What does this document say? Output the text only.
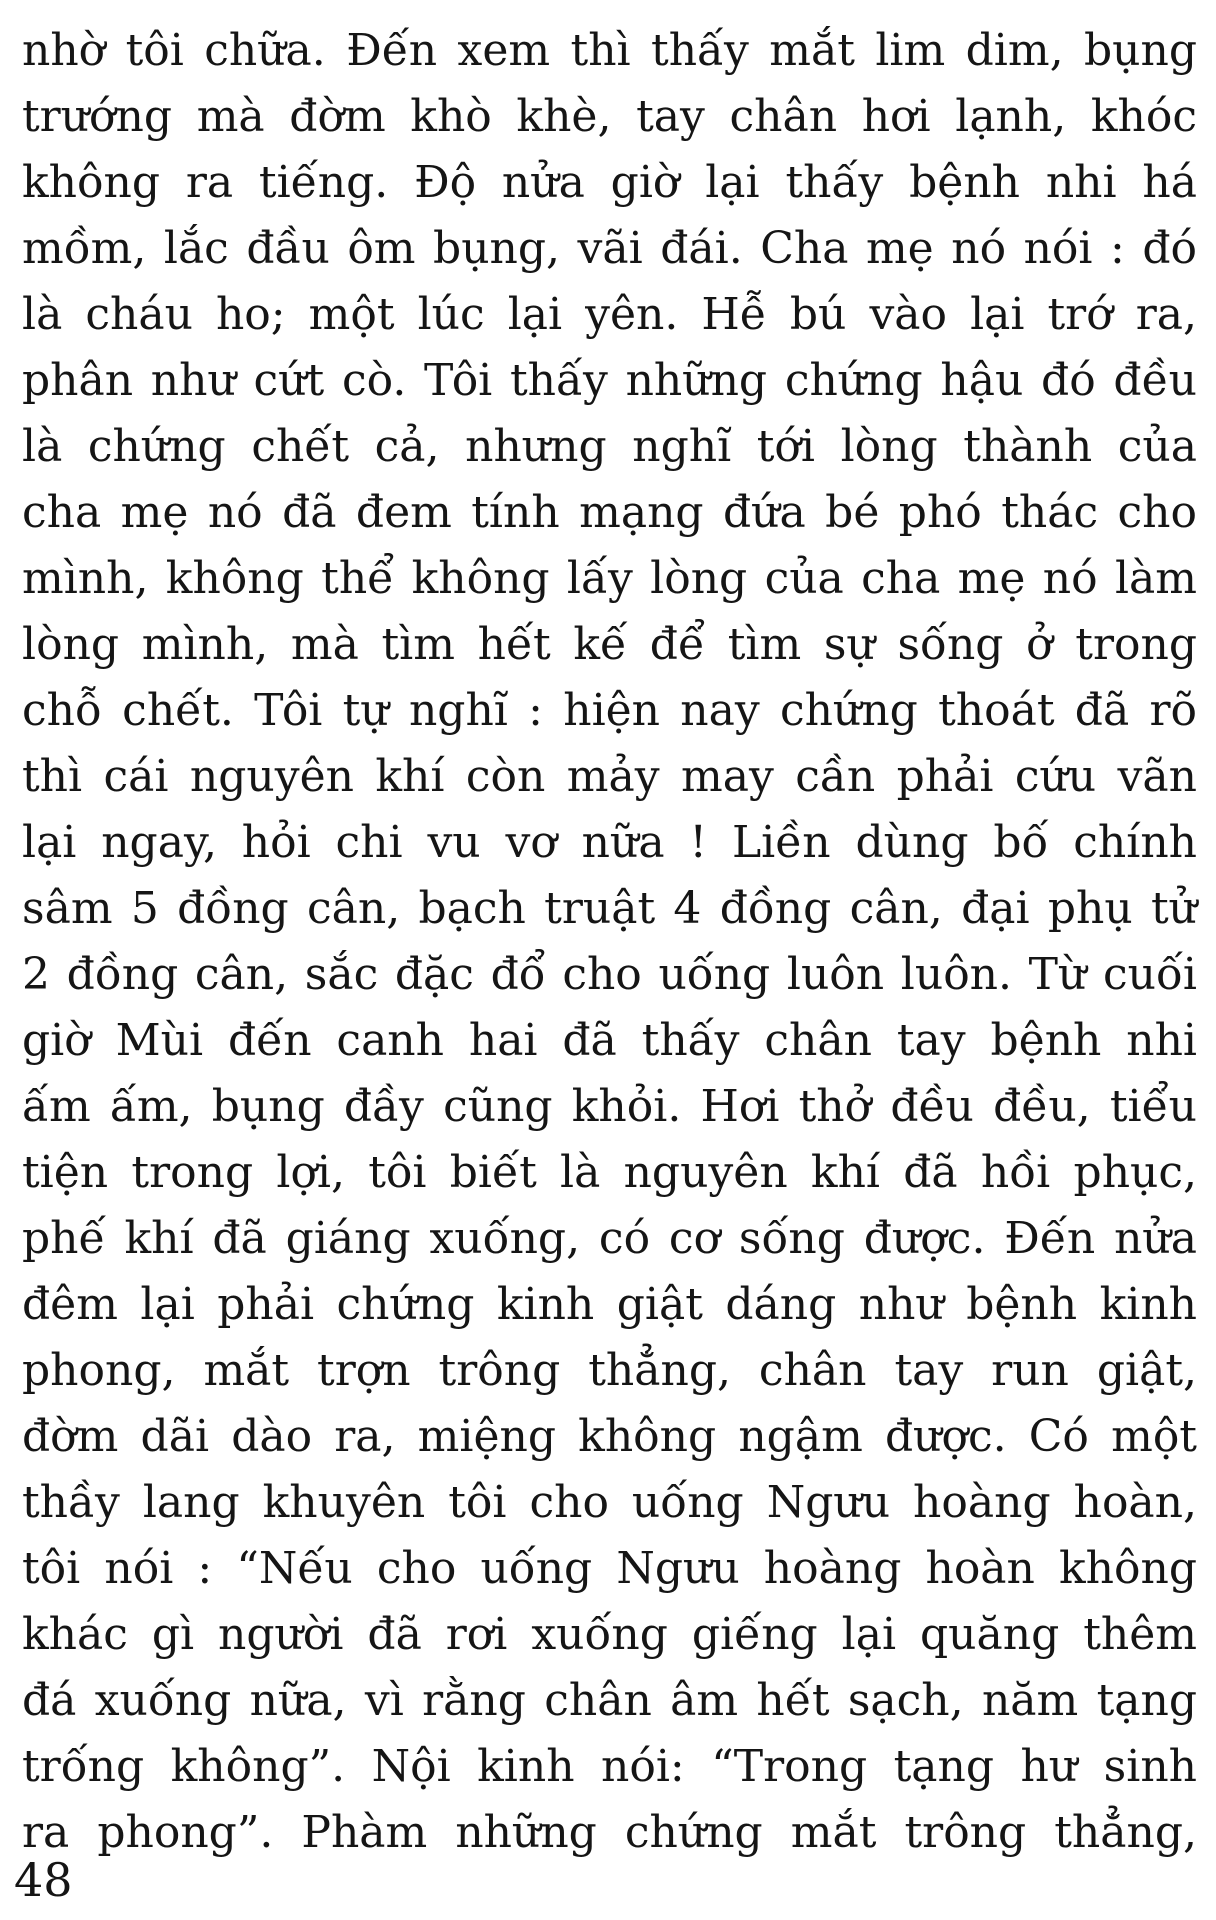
nhờ tôi chữa. Đến xem thì thấy mắt lim dim, bụng
trướng mà đờm khò khè, tay chân hơi lạnh, khóc
không ra tiếng. Độ nửa giờ lại thấy bệnh nhi há
mồm, lắc đầu ôm bụng, vãi đái. Cha mẹ nó nói : đó
là cháu ho; một lúc lại yên. Hễ bú vào lại trớ ra,
phân như cứt cò. Tôi thấy những chứng hậu đó đều
là chứng chết cả, nhưng nghĩ tới lòng thành của
cha mẹ nó đã đem tính mạng đứa bé phó thác cho
mình, không thể không lấy lòng của cha mẹ nó làm
lòng mình, mà tìm hết kế để tìm sự sống ở trong
chỗ chết. Tôi tự nghĩ : hiện nay chứng thoát đã rõ
thì cái nguyên khí còn mảy may cần phải cứu vãn
lại ngay, hỏi chi vu vơ nữa ! Liền dùng bố chính
sâm 5 đồng cân, bạch truật 4 đồng cân, đại phụ tử
2 đồng cân, sắc đặc đổ cho uống luôn luôn. Từ cuối
giờ Mùi đến canh hai đã thấy chân tay bệnh nhi
ấm ấm, bụng đầy cũng khỏi. Hơi thở đều đều, tiểu
tiện trong lợi, tôi biết là nguyên khí đã hồi phục,
phế khí đã giáng xuống, có cơ sống được. Đến nửa
đêm lại phải chứng kinh giật dáng như bệnh kinh
phong, mắt trợn trông thẳng, chân tay run giật,
đờm dãi dào ra, miệng không ngậm được. Có một
thầy lang khuyên tôi cho uống Ngưu hoàng hoàn,
tôi nói : “Nếu cho uống Ngưu hoàng hoàn không
khác gì người đã rơi xuống giếng lại quăng thêm
đá xuống nữa, vì rằng chân âm hết sạch, năm tạng
trống không”. Nội kinh nói: “Trong tạng hư sinh
ra phong”. Phàm những chứng mắt trông thẳng,
48
